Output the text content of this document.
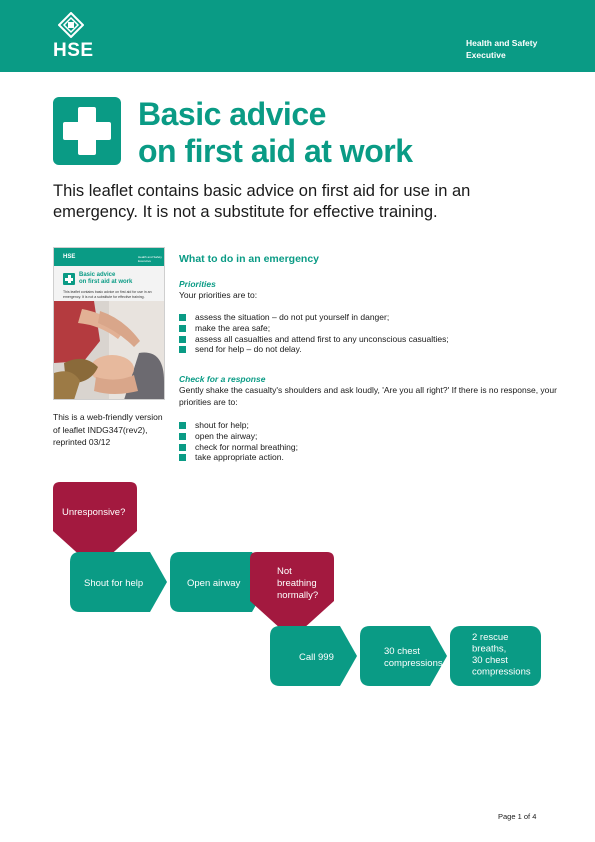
HSE	Health and Safety
Executive
Basic advice
on first aid at work

This leaflet contains basic advice on first aid for use in an emergency. It is not a substitute for effective training.

HSE	Health and Safety Executive
Basic advice
on first aid at work
This leaflet contains basic advice on first aid for use in an emergency. It is not a substitute for effective training.

This is a web-friendly version of leaflet INDG347(rev2), reprinted 03/12

What to do in an emergency
Priorities

Your priorities are to:

assess the situation – do not put yourself in danger;
make the area safe;
assess all casualties and attend first to any unconscious casualties;
send for help – do not delay.
Check for a response

Gently shake the casualty's shoulders and ask loudly, 'Are you all right?' If there is no response, your priorities are to:

shout for help;
open the airway;
check for normal breathing;
take appropriate action.
Unresponsive?
Shout for help	Open airway
Not breathing normally?
Call 999
30 chest compressions
2 rescue breaths, 30 chest compressions
Page 1 of 4
